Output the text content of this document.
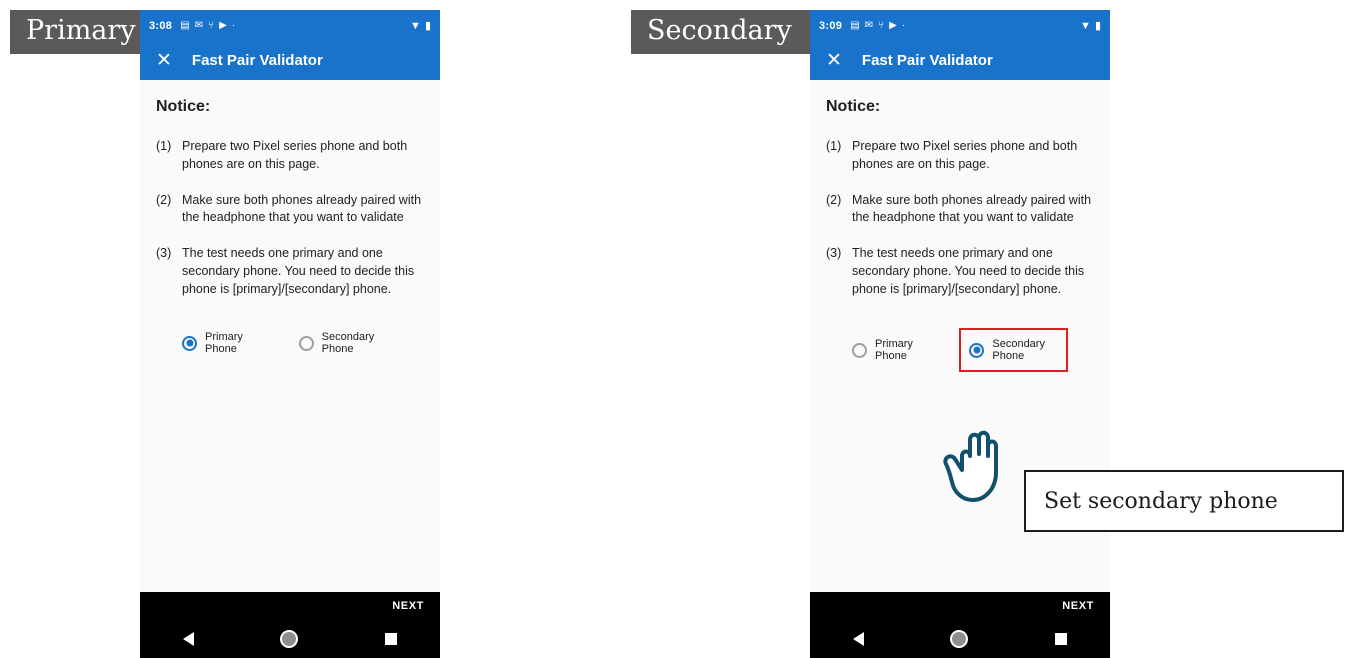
Primary	Secondary
3:08 ▤ ✉ ⑂ ▶ ·	▼ ▮
✕ Fast Pair Validator

Notice:

(1) Prepare two Pixel series phone and both phones are on this page.
(2) Make sure both phones already paired with the headphone that you want to validate
(3) The test needs one primary and one secondary phone. You need to decide this phone is [primary]/[secondary] phone.
Primary Phone
Secondary Phone
NEXT
3:09 ▤ ✉ ⑂ ▶ ·	▼ ▮
✕ Fast Pair Validator

Notice:

(1) Prepare two Pixel series phone and both phones are on this page.
(2) Make sure both phones already paired with the headphone that you want to validate
(3) The test needs one primary and one secondary phone. You need to decide this phone is [primary]/[secondary] phone.
Primary Phone
Secondary Phone
NEXT
Set secondary phone
